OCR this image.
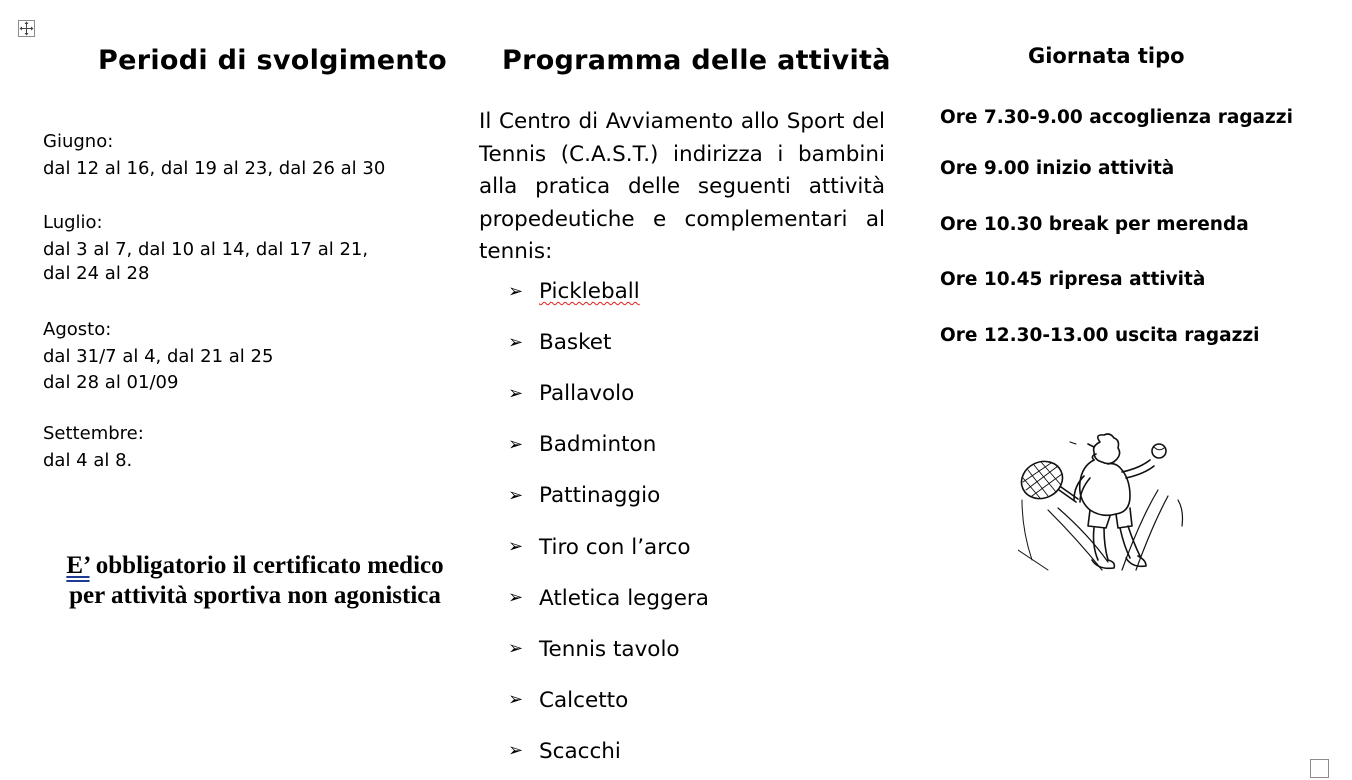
Periodi di svolgimento
Giugno:
dal 12 al 16, dal 19 al 23, dal 26 al 30
Luglio:
dal 3 al 7, dal 10 al 14, dal 17 al 21,
dal 24 al 28
Agosto:
dal 31/7 al 4, dal 21 al 25
dal 28 al 01/09
Settembre:
dal 4 al 8.
E’ obbligatorio il certificato medico
per attività sportiva non agonistica
Programma delle attività
Il Centro di Avviamento allo Sport del Tennis (C.A.S.T.) indirizza i bambini alla pratica delle seguenti attività propedeutiche e complementari al tennis:
➢ Pickleball
➢ Basket
➢ Pallavolo
➢ Badminton
➢ Pattinaggio
➢ Tiro con l’arco
➢ Atletica leggera
➢ Tennis tavolo
➢ Calcetto
➢ Scacchi
Giornata tipo
Ore 7.30-9.00 accoglienza ragazzi
Ore 9.00 inizio attività
Ore 10.30 break per merenda
Ore 10.45 ripresa attività
Ore 12.30-13.00 uscita ragazzi
